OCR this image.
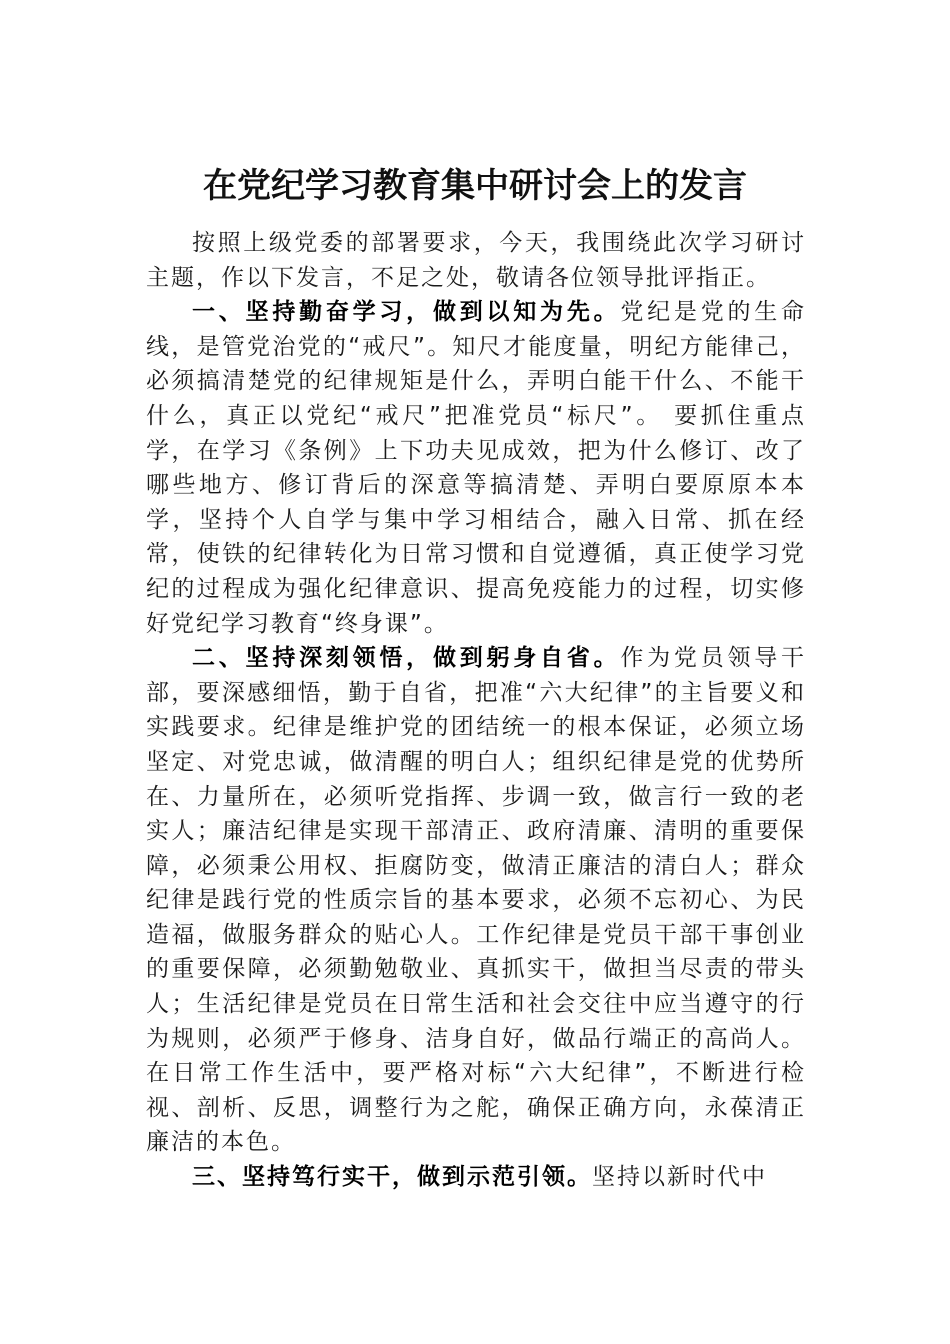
在党纪学习教育集中研讨会上的发言

按照上级党委的部署要求，今天，我围绕此次学习研讨主题，作以下发言，不足之处，敬请各位领导批评指正。

一、坚持勤奋学习，做到以知为先。党纪是党的生命线，是管党治党的“戒尺”。知尺才能度量，明纪方能律己，必须搞清楚党的纪律规矩是什么，弄明白能干什么、不能干什么，真正以党纪“戒尺”把准党员“标尺”。 要抓住重点学，在学习《条例》上下功夫见成效，把为什么修订、改了哪些地方、修订背后的深意等搞清楚、弄明白要原原本本学，坚持个人自学与集中学习相结合，融入日常、抓在经常，使铁的纪律转化为日常习惯和自觉遵循，真正使学习党纪的过程成为强化纪律意识、提高免疫能力的过程，切实修好党纪学习教育“终身课”。

二、坚持深刻领悟，做到躬身自省。作为党员领导干部，要深感细悟，勤于自省，把准“六大纪律”的主旨要义和实践要求。纪律是维护党的团结统一的根本保证，必须立场坚定、对党忠诚，做清醒的明白人；组织纪律是党的优势所在、力量所在，必须听党指挥、步调一致，做言行一致的老实人；廉洁纪律是实现干部清正、政府清廉、清明的重要保障，必须秉公用权、拒腐防变，做清正廉洁的清白人；群众纪律是践行党的性质宗旨的基本要求，必须不忘初心、为民造福，做服务群众的贴心人。工作纪律是党员干部干事创业的重要保障，必须勤勉敬业、真抓实干，做担当尽责的带头人；生活纪律是党员在日常生活和社会交往中应当遵守的行为规则，必须严于修身、洁身自好，做品行端正的高尚人。在日常工作生活中，要严格对标“六大纪律”，不断进行检视、剖析、反思，调整行为之舵，确保正确方向，永葆清正廉洁的本色。

三、坚持笃行实干，做到示范引领。坚持以新时代中
